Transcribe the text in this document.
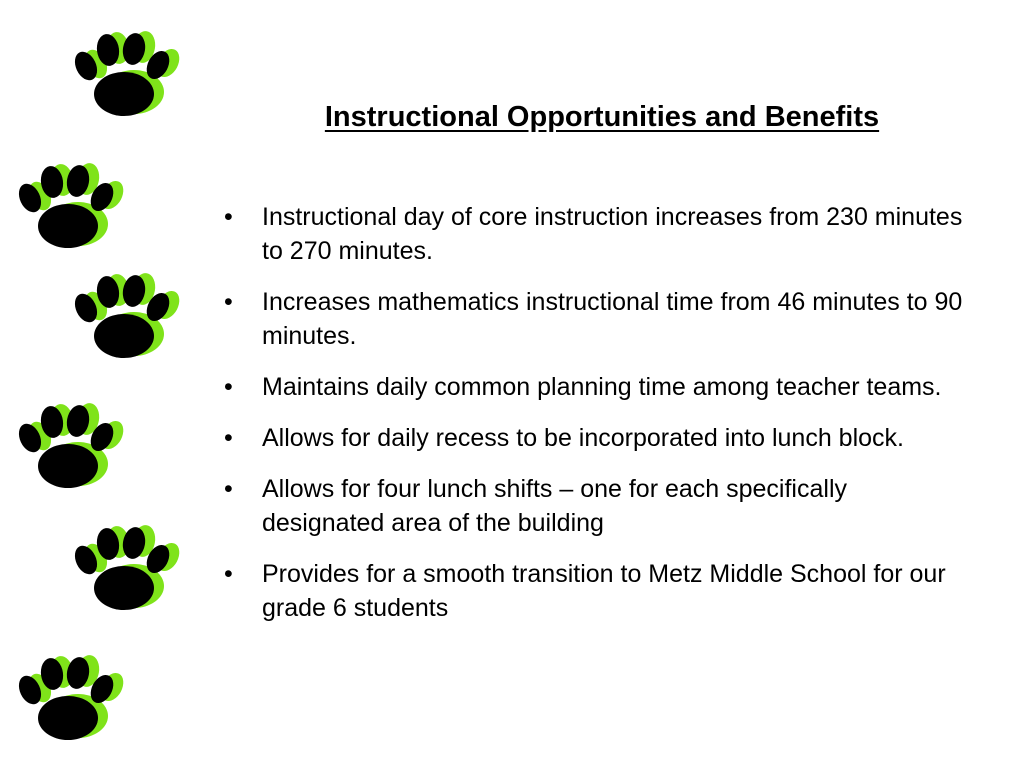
Instructional Opportunities and Benefits
• Instructional day of core instruction increases from 230 minutes to 270 minutes.
• Increases mathematics instructional time from 46 minutes to 90 minutes.
• Maintains daily common planning time among teacher teams.
• Allows for daily recess to be incorporated into lunch block.
• Allows for four lunch shifts – one for each specifically designated area of the building
• Provides for a smooth transition to Metz Middle School for our grade 6 students
